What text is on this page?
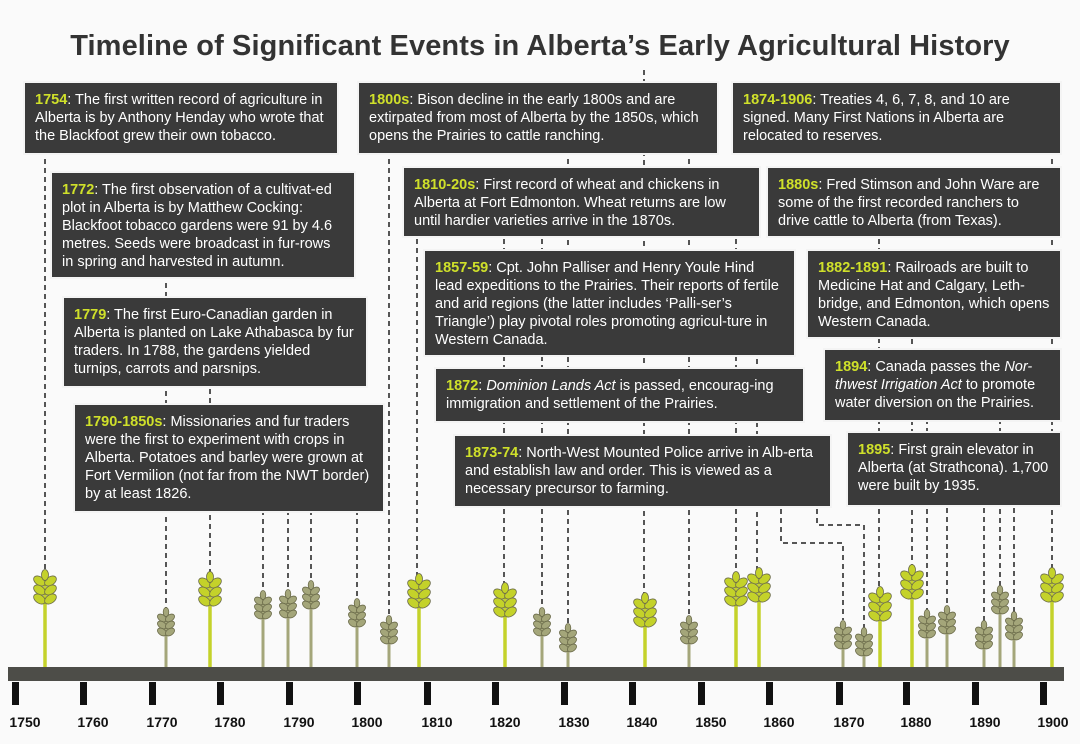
Timeline of Significant Events in Alberta’s Early Agricultural History
1750	1760	1770	1780	1790	1800	1810	1820	1830	1840	1850	1860	1870	1880	1890	1900
1754: The first written record of agriculture in Alberta is by Anthony Henday who wrote that the Blackfoot grew their own tobacco.
1772: The first observation of a cultivat-ed plot in Alberta is by Matthew Cocking: Blackfoot tobacco gardens were 91 by 4.6 metres. Seeds were broadcast in fur-rows in spring and harvested in autumn.
1779: The first Euro-Canadian garden in Alberta is planted on Lake Athabasca by fur traders. In 1788, the gardens yielded turnips, carrots and parsnips.
1790-1850s: Missionaries and fur traders were the first to experiment with crops in Alberta. Potatoes and barley were grown at Fort Vermilion (not far from the NWT border) by at least 1826.
1800s: Bison decline in the early 1800s and are extirpated from most of Alberta by the 1850s, which opens the Prairies to cattle ranching.
1810-20s: First record of wheat and chickens in Alberta at Fort Edmonton. Wheat returns are low until hardier varieties arrive in the 1870s.
1857-59: Cpt. John Palliser and Henry Youle Hind lead expeditions to the Prairies. Their reports of fertile and arid regions (the latter includes ‘Palli-ser’s Triangle’) play pivotal roles promoting agricul-ture in Western Canada.
1872: Dominion Lands Act is passed, encourag-ing immigration and settlement of the Prairies.
1873-74: North-West Mounted Police arrive in Alb-erta and establish law and order. This is viewed as a necessary precursor to farming.
1874-1906: Treaties 4, 6, 7, 8, and 10 are signed. Many First Nations in Alberta are relocated to reserves.
1880s: Fred Stimson and John Ware are some of the first recorded ranchers to drive cattle to Alberta (from Texas).
1882-1891: Railroads are built to Medicine Hat and Calgary, Leth-bridge, and Edmonton, which opens Western Canada.
1894: Canada passes the Nor-thwest Irrigation Act to promote water diversion on the Prairies.
1895: First grain elevator in Alberta (at Strathcona). 1,700 were built by 1935.
